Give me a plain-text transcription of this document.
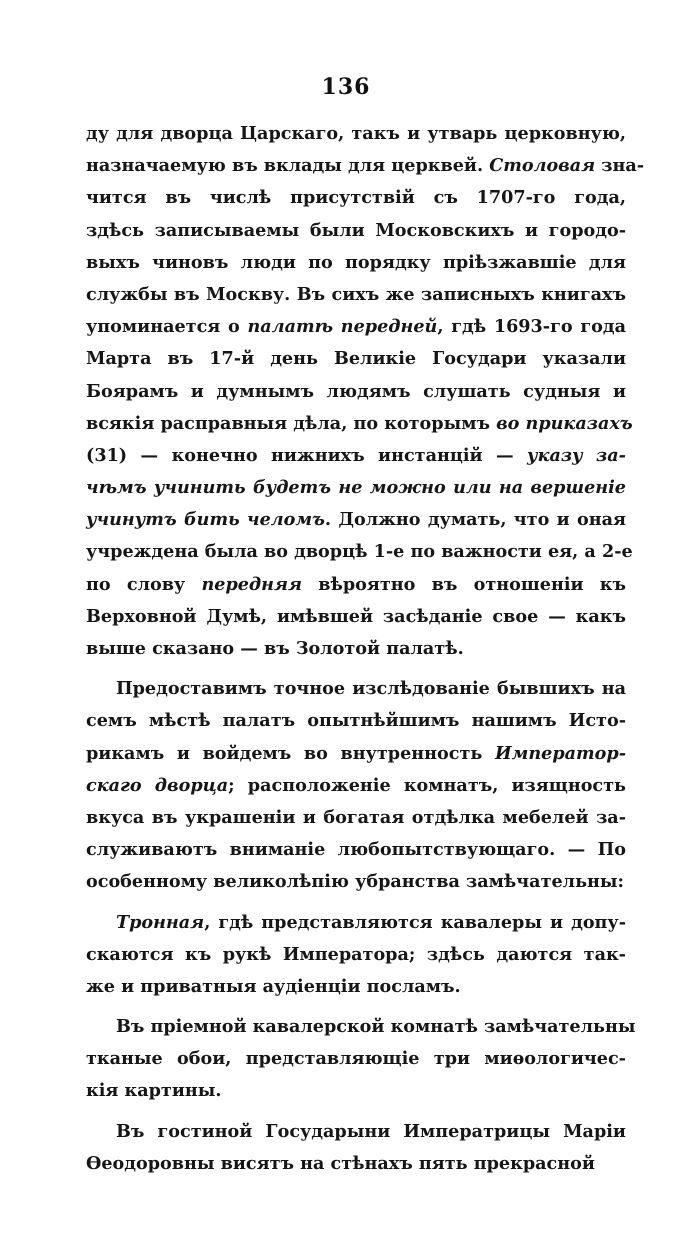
136
ду для дворца Царскаго, такъ и утварь церковную,
назначаемую въ вклады для церквей. Столовая зна-
чится въ числѣ присутствій съ 1707-го года,
здѣсь записываемы были Московскихъ и городо-
выхъ чиновъ люди по порядку пріѣзжавшіе для
службы въ Москву. Въ сихъ же записныхъ книгахъ
упоминается о палатѣ передней, гдѣ 1693-го года
Марта въ 17-й день Великіе Государи указали
Боярамъ и думнымъ людямъ слушать судныя и
всякія расправныя дѣла, по которымъ во приказахъ
(31) — конечно нижнихъ инстанцій — указу за-
чѣмъ учинить будетъ не можно или на вершеніе
учинутъ бить челомъ. Должно думать, что и оная
учреждена была во дворцѣ 1-е по важности ея, а 2-е
по слову передняя вѣроятно въ отношеніи къ
Верховной Думѣ, имѣвшей засѣданіе свое — какъ
выше сказано — въ Золотой палатѣ.
Предоставимъ точное изслѣдованіе бывшихъ на
семъ мѣстѣ палатъ опытнѣйшимъ нашимъ Исто-
рикамъ и войдемъ во внутренность Император-
скаго дворца; расположеніе комнатъ, изящность
вкуса въ украшеніи и богатая отдѣлка мебелей за-
служиваютъ вниманіе любопытствующаго. — По
особенному великолѣпію убранства замѣчательны:
Тронная, гдѣ представляются кавалеры и допу-
скаются къ рукѣ Императора; здѣсь даются так-
же и приватныя аудіенціи посламъ.
Въ пріемной кавалерской комнатѣ замѣчательны
тканые обои, представляющіе три миѳологичес-
кія картины.
Въ гостиной Государыни Императрицы Маріи
Ѳеодоровны висятъ на стѣнахъ пять прекрасной
